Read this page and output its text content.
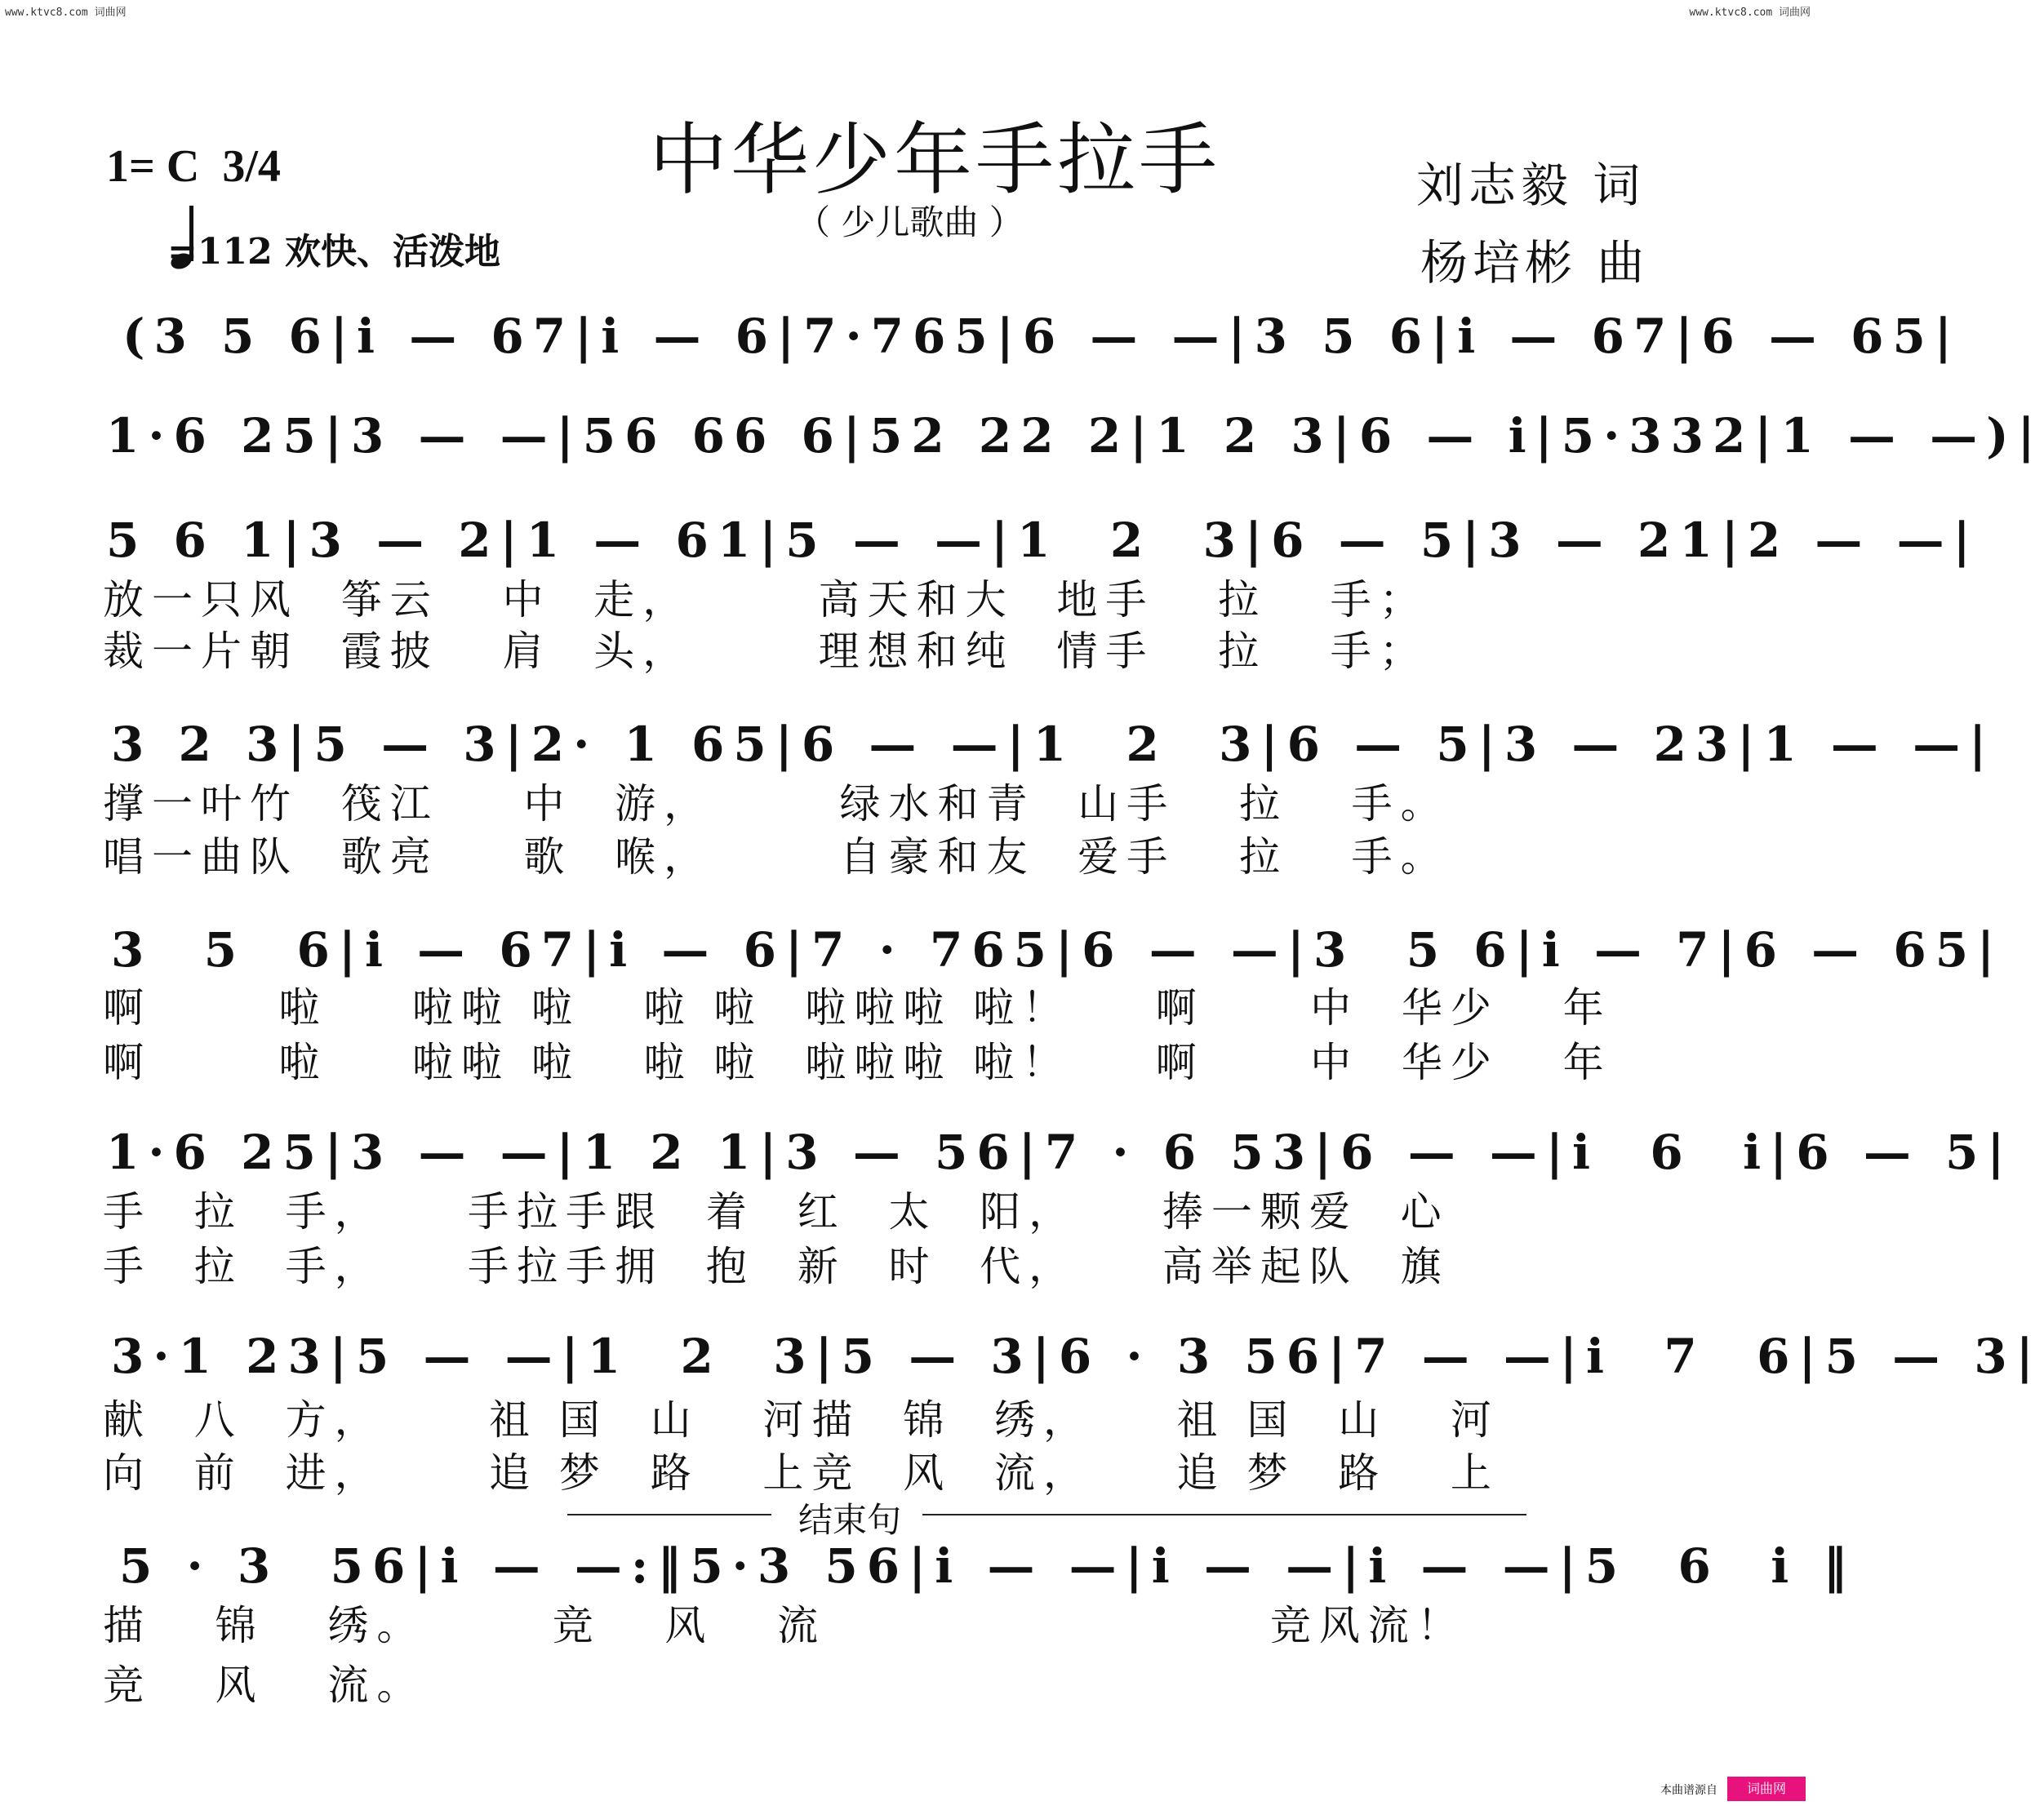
www.ktvc8.com 词曲网	www.ktvc8.com 词曲网
中华少年手拉手
（ 少儿歌曲 ）
1= C  3/4
=112 欢快、活泼地
刘志毅 词
杨培彬 曲
(3 5 6|i — 67|i — 6|7·765|6 — —|3 5 6|i — 67|6 — 65|
1·6 25|3 — —|56 66 6|52 22 2|1 2 3|6 — i|5·332|1 — —)|
5 6 1|3 — 2|1 — 61|5 — —|1  2  3|6 — 5|3 — 21|2 — —|
放一只风  筝云   中  走，      高天和大  地手   拉   手；
裁一片朝  霞披   肩  头，      理想和纯  情手   拉   手；
3 2 3|5 — 3|2· 1 65|6 — —|1  2  3|6 — 5|3 — 23|1 — —|
撑一叶竹  筏江    中  游，      绿水和青  山手   拉   手。
唱一曲队  歌亮    歌  喉，      自豪和友  爱手   拉   手。
3  5  6|i — 67|i — 6|7 · 765|6 — —|3  5 6|i — 7|6 — 65|
啊      啦    啦啦 啦   啦 啦  啦啦啦 啦！    啊     中  华少   年
啊      啦    啦啦 啦   啦 啦  啦啦啦 啦！    啊     中  华少   年
1·6 25|3 — —|1 2 1|3 — 56|7 · 6 53|6 — —|i  6  i|6 — 5|
手  拉  手，    手拉手跟  着  红  太  阳，    捧一颗爱  心
手  拉  手，    手拉手拥  抱  新  时  代，    高举起队  旗
3·1 23|5 — —|1  2  3|5 — 3|6 · 3 56|7 — —|i  7  6|5 — 3|
献  八  方，     祖 国  山   河描  锦  绣，    祖 国  山   河
向  前  进，     追 梦  路   上竞  风  流，    追 梦  路   上
结束句
5 · 3  56|i — —:‖5·3 56|i — —|i — —|i — —|5  6  i ‖
描   锦   绣。      竞   风   流                     竞风流！
竞   风   流。
本曲谱源自	词曲网
